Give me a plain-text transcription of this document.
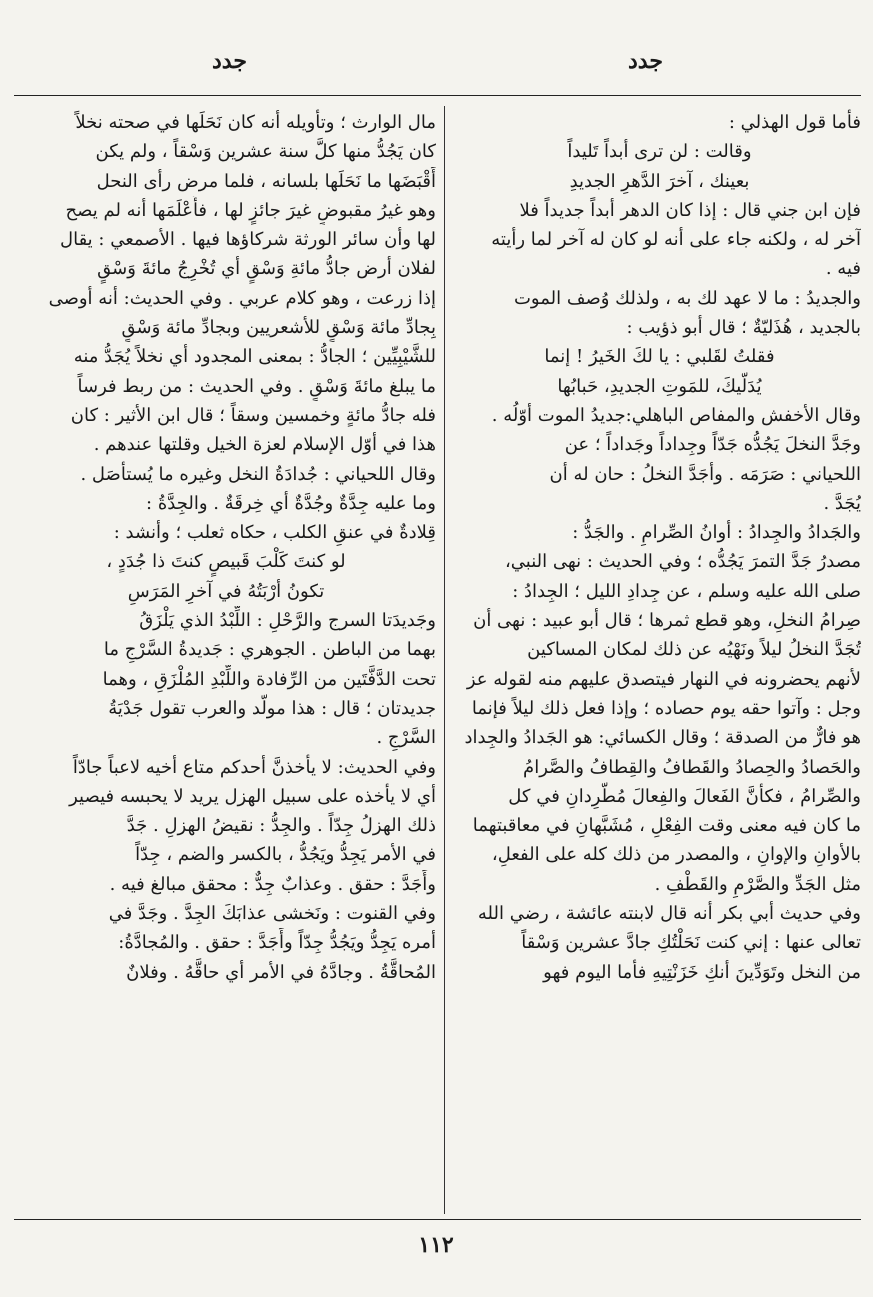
جدد
جدد
فأما قول الهذلي :
وقالت : لن ترى أبداً تَليداً
بعينك ، آخرَ الدَّهرِ الجديدِ
فإن ابن جني قال : إذا كان الدهر أبداً جديداً فلا
آخر له ، ولكنه جاء على أنه لو كان له آخر لما رأيته
فيه .
والجديدُ : ما لا عهد لك به ، ولذلك وُصف الموت
بالجديد ، هُذَليّةٌ ؛ قال أبو ذؤيب :
فقلتُ لقَلبي : يا لكَ الخَيرُ ! إنما
يُدَلّيكَ، للمَوتِ الجديدِ، حَبابُها
وقال الأخفش والمفاص الباهلي:جديدُ الموت أوّلُه .
وجَدَّ النخلَ يَجُدُّه جَدّاً وجِداداً وجَداداً ؛ عن
اللحياني : صَرَمَه . وأجَدَّ النخلُ : حان له أن
يُجَدَّ .
والجَدادُ والجِدادُ : أوانُ الصِّرامِ . والجَدُّ :
مصدرُ جَدَّ التمرَ يَجُدُّه ؛ وفي الحديث : نهى النبي،
صلى الله عليه وسلم ، عن جِدادِ الليل ؛ الجِدادُ :
صِرامُ النخلِ، وهو قطع ثمرها ؛ قال أبو عبيد : نهى أن
تُجَدَّ النخلُ ليلاً ونَهْيُه عن ذلك لمكان المساكين
لأنهم يحضرونه في النهار فيتصدق عليهم منه لقوله عز
وجل : وآتوا حقه يوم حصاده ؛ وإذا فعل ذلك ليلاً فإنما
هو فارٌّ من الصدقة ؛ وقال الكسائي: هو الجَدادُ والجِداد
والحَصادُ والحِصادُ والقَطافُ والقِطافُ والصَّرامُ
والصِّرامُ ، فكأنَّ الفَعالَ والفِعالَ مُطَّرِدانِ في كل
ما كان فيه معنى وقت الفِعْلِ ، مُشَبَّهانِ في معاقبتهما
بالأوانِ والإوانِ ، والمصدر من ذلك كله على الفعلِ،
مثل الجَدِّ والصَّرْمِ والقَطْفِ .
وفي حديث أبي بكر أنه قال لابنته عائشة ، رضي الله
تعالى عنها : إني كنت نَحَلْتُكِ جادَّ عشرين وَسْقاً
من النخل وتَوَدِّينَ أنكِ خَزَنْتِيهِ فأما اليوم فهو
مال الوارث ؛ وتأويله أنه كان نَحَلَها في صحته نخلاً
كان يَجُدُّ منها كلَّ سنة عشرين وَسْقاً ، ولم يكن
أَقْبَضَها ما نَحَلَها بلسانه ، فلما مرض رأى النحل
وهو غيرُ مقبوضٍ غيرَ جائزٍ لها ، فأَعْلَمَها أنه لم يصح
لها وأن سائر الورثة شركاؤها فيها . الأصمعي : يقال
لفلان أرض جادُّ مائةِ وَسْقٍ أي تُخْرِجُ مائةَ وَسْقٍ
إذا زرعت ، وهو كلام عربي . وفي الحديث: أنه أوصى
بِجادِّ مائة وَسْقٍ للأشعريين وبجادِّ مائة وَسْقٍ
للشَّيْبِيِّين ؛ الجادُّ : بمعنى المجدود أي نخلاً يُجَدُّ منه
ما يبلغ مائةَ وَسْقٍ . وفي الحديث : من ربط فرساً
فله جادُّ مائةٍ وخمسين وسقاً ؛ قال ابن الأثير : كان
هذا في أوّل الإسلام لعزة الخيل وقلتها عندهم .
وقال اللحياني : جُدادَةُ النخل وغيره ما يُستأصَل .
وما عليه جِدَّةٌ وجُدَّةٌ أي خِرقَةٌ . والجِدَّةُ :
قِلادةٌ في عنقِ الكلب ، حكاه ثعلب ؛ وأنشد :
لو كنتَ كَلْبَ قَبيصٍ كنتَ ذا جُدَدٍ ،
تكونُ أرْبَتُهُ في آخرِ المَرَسِ
وجَديدَتا السرج والرَّحْلِ : اللِّبْدُ الذي يَلْزَقُ
بهما من الباطن . الجوهري : جَديدةُ السَّرْجِ ما
تحت الدَّفَّتَين من الرِّفادة واللِّبْدِ المُلْزَقِ ، وهما
جديدتان ؛ قال : هذا مولَّد والعرب تقول جَدْيَةُ
السَّرْجِ .
وفي الحديث: لا يأخذنَّ أحدكم متاع أخيه لاعباً جادّاً
أي لا يأخذه على سبيل الهزل يريد لا يحبسه فيصير
ذلك الهزلُ جِدّاً . والجِدُّ : نقيضُ الهزلِ . جَدَّ
في الأمر يَجِدُّ ويَجُدُّ ، بالكسر والضم ، جِدّاً
وأَجَدَّ : حقق . وعذابٌ جِدٌّ : محقق مبالغ فيه .
وفي القنوت : ونَخشى عذابَكَ الجِدَّ . وجَدَّ في
أمره يَجِدُّ ويَجُدُّ جِدّاً وأَجَدَّ : حقق . والمُجادَّةُ:
المُحاقَّةُ . وجادَّهُ في الأمر أي حاقَّهُ . وفلانٌ
١١٢
